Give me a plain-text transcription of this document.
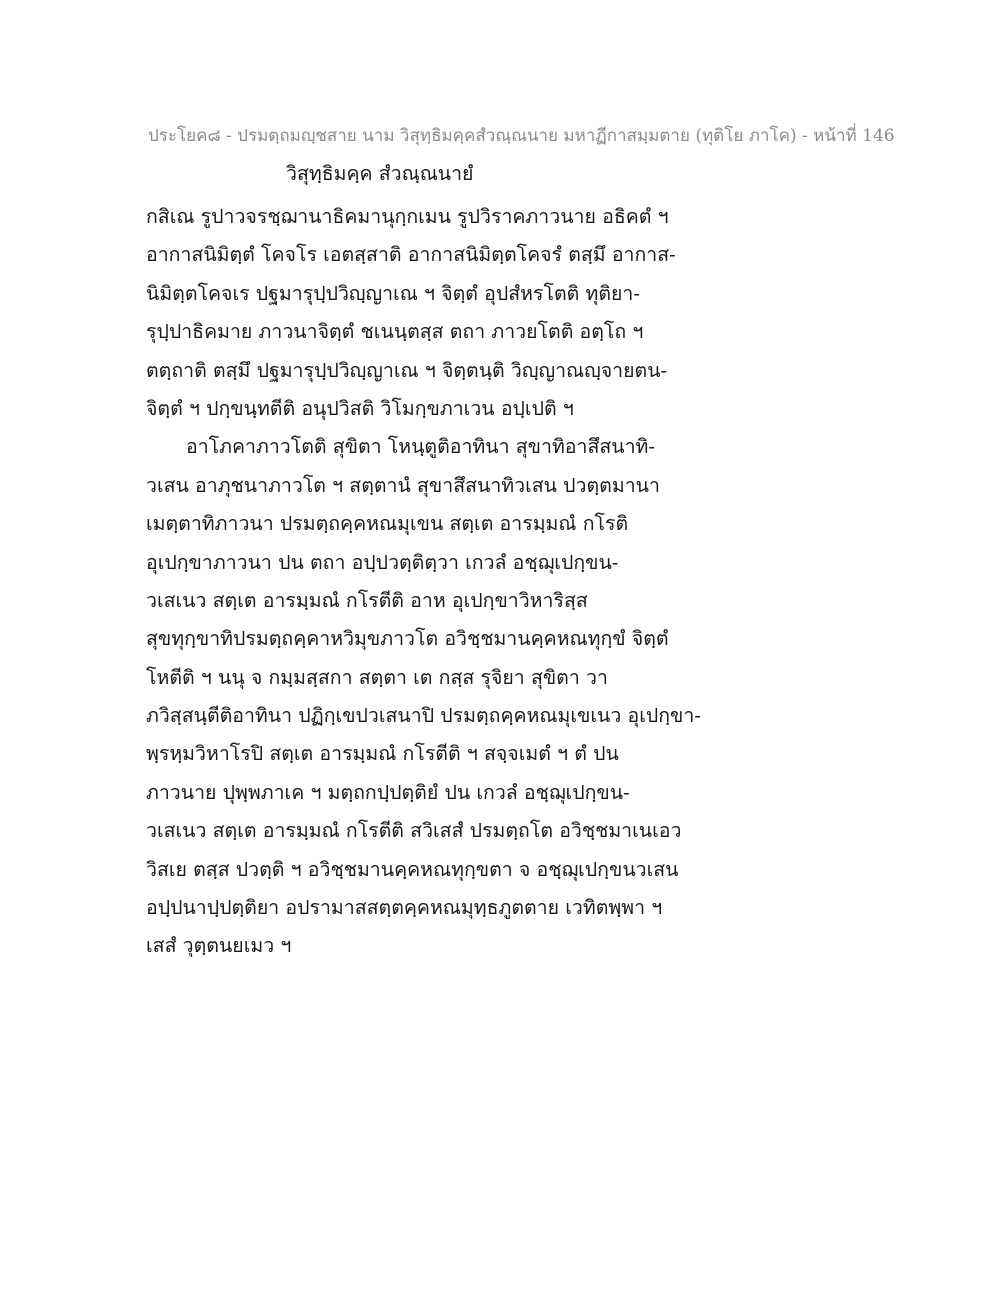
ประโยค๘ - ปรมตฺถมญฺชสาย นาม วิสุทฺธิมคฺคสํวณฺณนาย มหาฏีกาสมฺมตาย (ทุติโย ภาโค) - หน้าที่ 146
วิสุทฺธิมคฺค สํวณฺณนายํ
กสิเณ รูปาวจรชฺฌานาธิคมานุกฺกเมน รูปวิราคภาวนาย อธิคตํ ฯ
อากาสนิมิตฺตํ โคจโร เอตสฺสาติ อากาสนิมิตฺตโคจรํ ตสฺมึ อากาส-
นิมิตฺตโคจเร ปฐมารุปฺปวิญฺญาเณ ฯ จิตฺตํ อุปสํหรโตติ ทุติยา-
รุปฺปาธิคมาย ภาวนาจิตฺตํ ชเนนฺตสฺส ตถา ภาวยโตติ อตฺโถ ฯ
ตตฺถาติ ตสฺมึ ปฐมารุปฺปวิญฺญาเณ ฯ จิตฺตนฺติ วิญฺญาณญฺจายตน-
จิตฺตํ ฯ ปกฺขนฺทตีติ อนุปวิสติ วิโมกฺขภาเวน อปฺเปติ ฯ
อาโภคาภาวโตติ สุขิตา โหนฺตูติอาทินา สุขาทิอาสึสนาทิ-
วเสน อาภุชนาภาวโต ฯ สตฺตานํ สุขาสึสนาทิวเสน ปวตฺตมานา
เมตฺตาทิภาวนา ปรมตฺถคฺคหณมุเขน สตฺเต อารมฺมณํ กโรติ
อุเปกฺขาภาวนา ปน ตถา อปฺปวตฺติตฺวา เกวลํ อชฺฌุเปกฺขน-
วเสเนว สตฺเต อารมฺมณํ กโรตีติ อาห อุเปกฺขาวิหาริสฺส
สุขทุกฺขาทิปรมตฺถคฺคาหวิมุขภาวโต อวิชฺชมานคฺคหณทุกฺขํ จิตฺตํ
โหตีติ ฯ นนุ จ กมฺมสฺสกา สตฺตา เต กสฺส รุจิยา สุขิตา วา
ภวิสฺสนฺตีติอาทินา ปฏิกฺเขปวเสนาปิ ปรมตฺถคฺคหณมุเขเนว อุเปกฺขา-
พฺรหฺมวิหาโรปิ สตฺเต อารมฺมณํ กโรตีติ ฯ สจฺจเมตํ ฯ ตํ ปน
ภาวนาย ปุพฺพภาเค ฯ มตฺถกปฺปตฺติยํ ปน เกวลํ อชฺฌุเปกฺขน-
วเสเนว สตฺเต อารมฺมณํ กโรตีติ สวิเสสํ ปรมตฺถโต อวิชฺชมาเนเอว
วิสเย ตสฺส ปวตฺติ ฯ อวิชฺชมานคฺคหณทุกฺขตา จ อชฺฌุเปกฺขนวเสน
อปฺปนาปฺปตฺติยา อปรามาสสตฺตคฺคหณมุทฺธภูตตาย เวทิตพฺพา ฯ
เสสํ วุตฺตนยเมว ฯ
